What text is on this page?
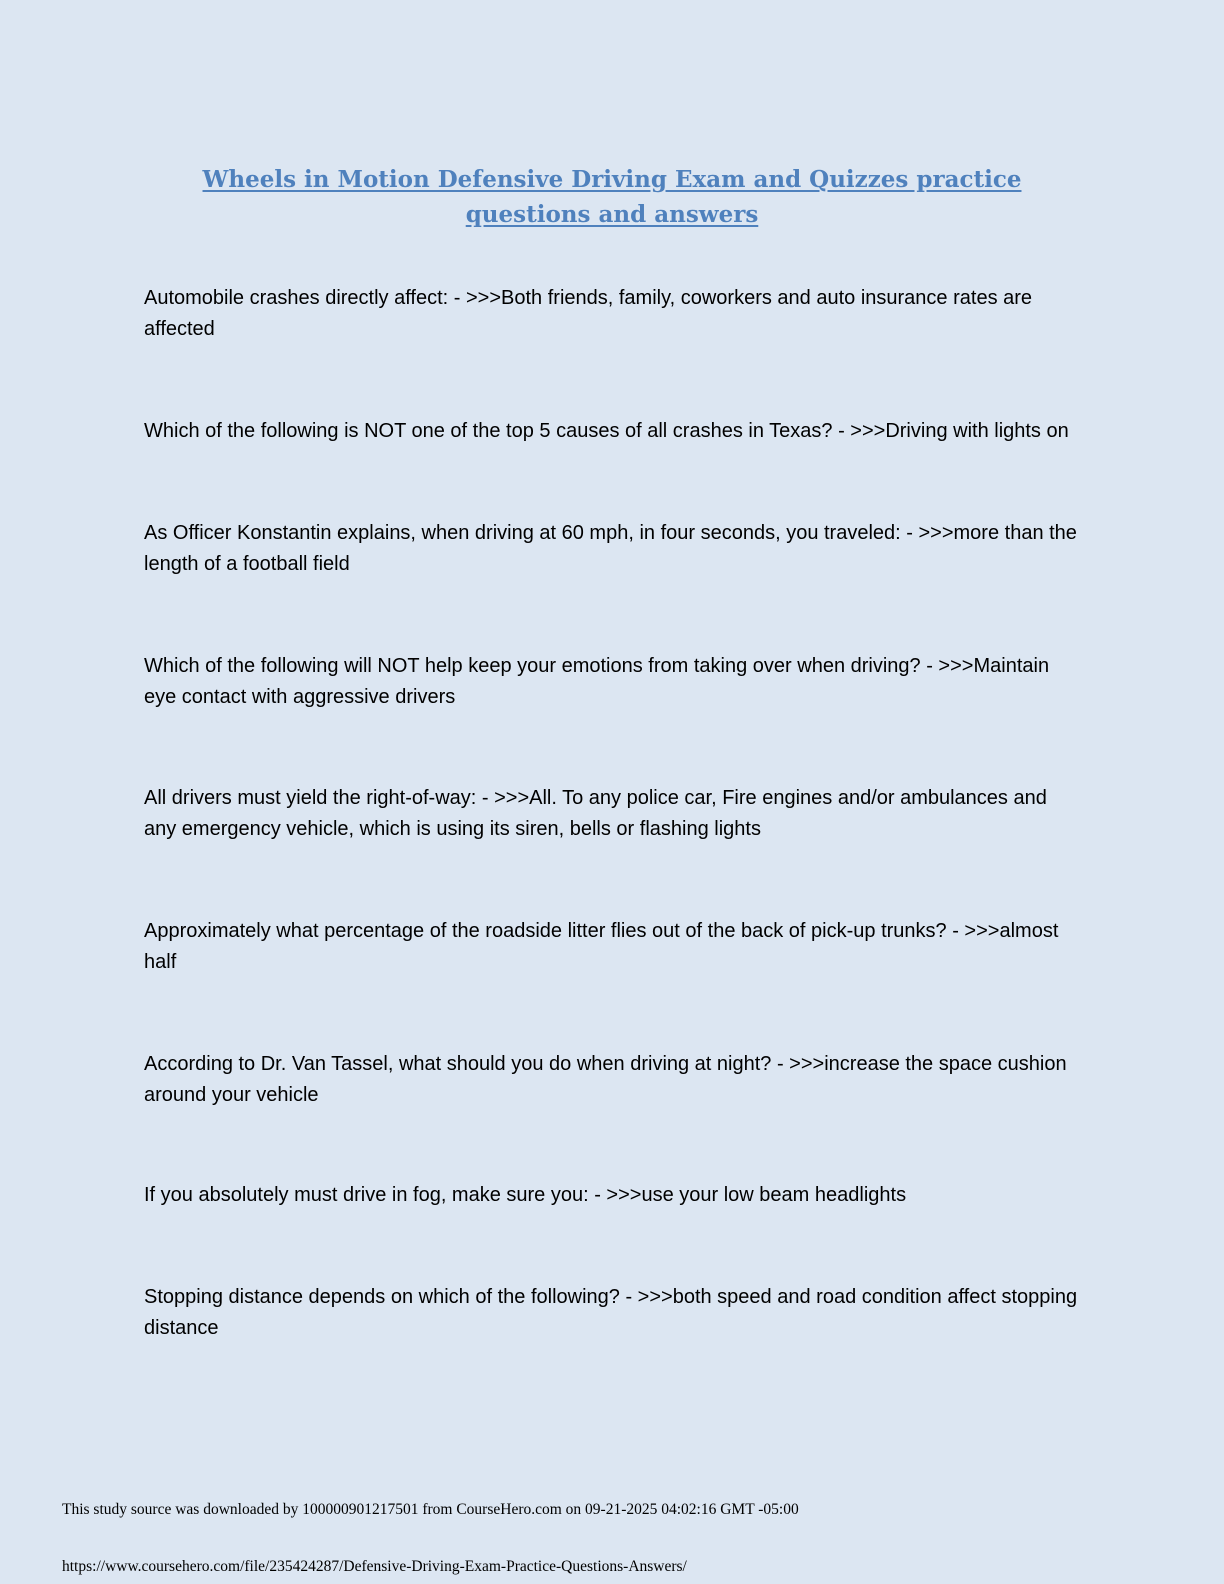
Wheels in Motion Defensive Driving Exam and Quizzes practice questions and answers

Automobile crashes directly affect: - >>>Both friends, family, coworkers and auto insurance rates are affected

Which of the following is NOT one of the top 5 causes of all crashes in Texas? - >>>Driving with lights on

As Officer Konstantin explains, when driving at 60 mph, in four seconds, you traveled: - >>>more than the length of a football field

Which of the following will NOT help keep your emotions from taking over when driving? - >>>Maintain eye contact with aggressive drivers

All drivers must yield the right-of-way: - >>>All. To any police car, Fire engines and/or ambulances and any emergency vehicle, which is using its siren, bells or flashing lights

Approximately what percentage of the roadside litter flies out of the back of pick-up trunks? - >>>almost half

According to Dr. Van Tassel, what should you do when driving at night? - >>>increase the space cushion around your vehicle

If you absolutely must drive in fog, make sure you: - >>>use your low beam headlights

Stopping distance depends on which of the following? - >>>both speed and road condition affect stopping distance

This study source was downloaded by 100000901217501 from CourseHero.com on 09-21-2025 04:02:16 GMT -05:00

https://www.coursehero.com/file/235424287/Defensive-Driving-Exam-Practice-Questions-Answers/
